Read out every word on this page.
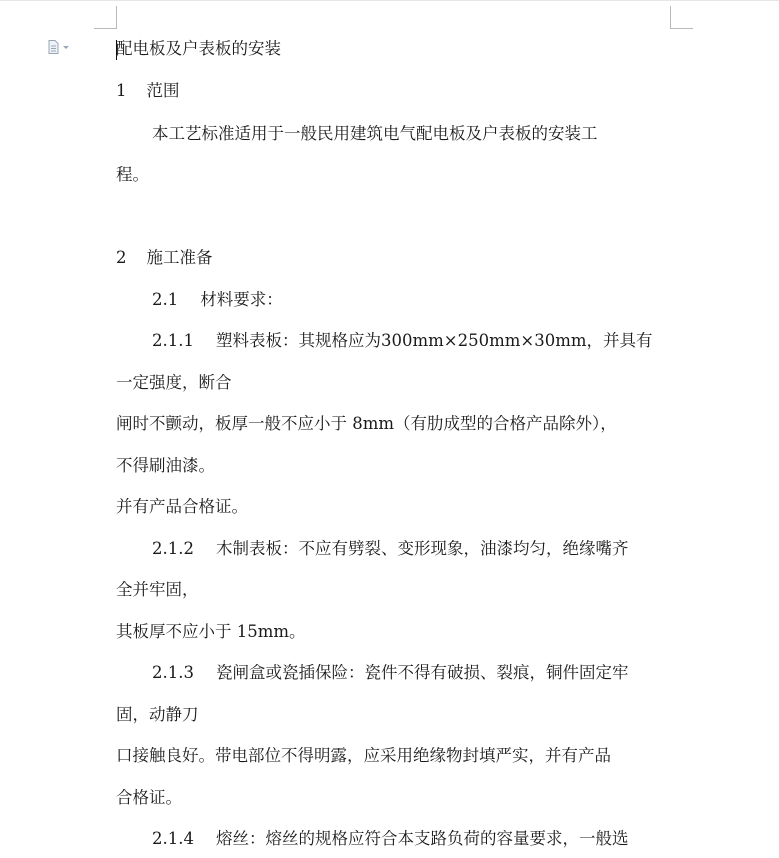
配电板及户表板的安装
1 范围
本工艺标准适用于一般民用建筑电气配电板及户表板的安装工
程。
2 施工准备
2.1 材料要求：
2.1.1 塑料表板：其规格应为300mm×250mm×30mm，并具有
一定强度，断合
闸时不颤动，板厚一般不应小于 8mm（有肋成型的合格产品除外），
不得刷油漆。
并有产品合格证。
2.1.2 木制表板：不应有劈裂、变形现象，油漆均匀，绝缘嘴齐
全并牢固，
其板厚不应小于 15mm。
2.1.3 瓷闸盒或瓷插保险：瓷件不得有破损、裂痕，铜件固定牢
固，动静刀
口接触良好。带电部位不得明露，应采用绝缘物封填严实，并有产品
合格证。
2.1.4 熔丝：熔丝的规格应符合本支路负荷的容量要求，一般选
